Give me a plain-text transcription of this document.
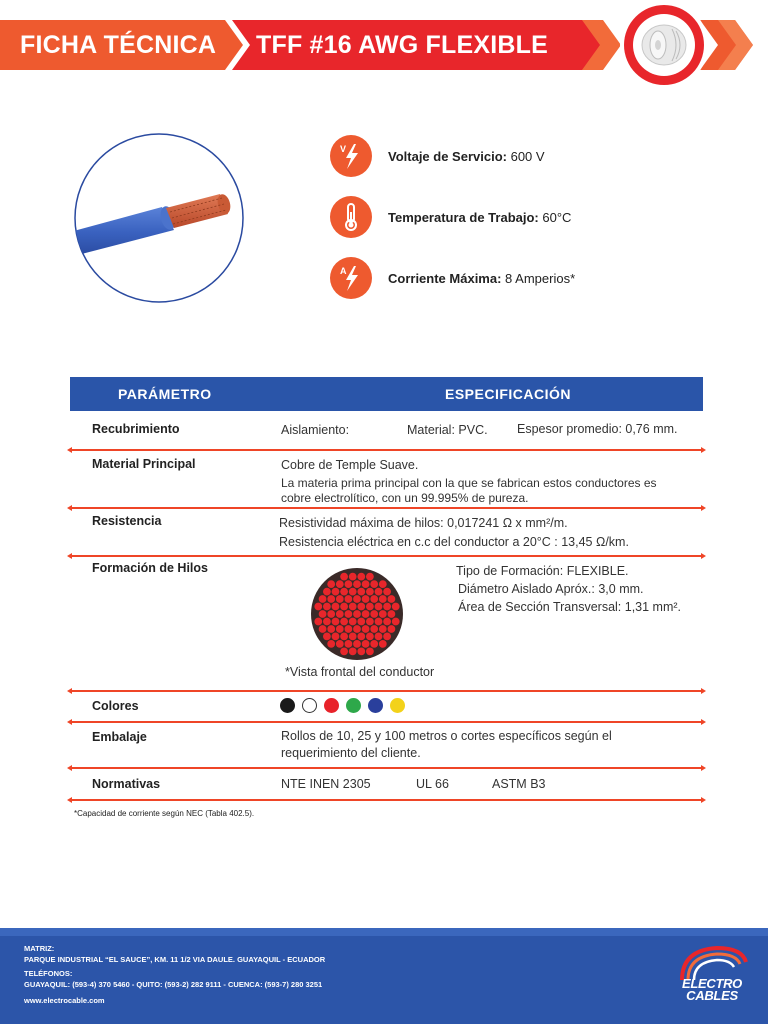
FICHA TÉCNICA TFF #16 AWG FLEXIBLE
V	Voltaje de Servicio: 600 V
Temperatura de Trabajo: 60°C
A	Corriente Máxima: 8 Amperios*
PARÁMETRO	ESPECIFICACIÓN
Recubrimiento	Aislamiento:	Material: PVC. Espesor promedio: 0,76 mm.
Material Principal	Cobre de Temple Suave.
La materia prima principal con la que se fabrican estos conductores es
cobre electrolítico, con un 99.995% de pureza.
Resistencia	Resistividad máxima de hilos: 0,017241 Ω x mm²/m.
Resistencia eléctrica en c.c del conductor a 20°C : 13,45 Ω/km.
Formación de Hilos	Tipo de Formación: FLEXIBLE.
Diámetro Aislado Apróx.: 3,0 mm.
Área de Sección Transversal: 1,31 mm².
*Vista frontal del conductor
Colores
Embalaje	Rollos de 10, 25 y 100 metros o cortes específicos según el
requerimiento del cliente.
Normativas	NTE INEN 2305	UL 66	ASTM B3
*Capacidad de corriente según NEC (Tabla 402.5).
MATRIZ:
PARQUE INDUSTRIAL “EL SAUCE”, KM. 11 1/2 VIA DAULE. GUAYAQUIL - ECUADOR
TELÉFONOS:
GUAYAQUIL: (593-4) 370 5460 - QUITO: (593-2) 282 9111 - CUENCA: (593-7) 280 3251
www.electrocable.com
ELECTRO
CABLES
